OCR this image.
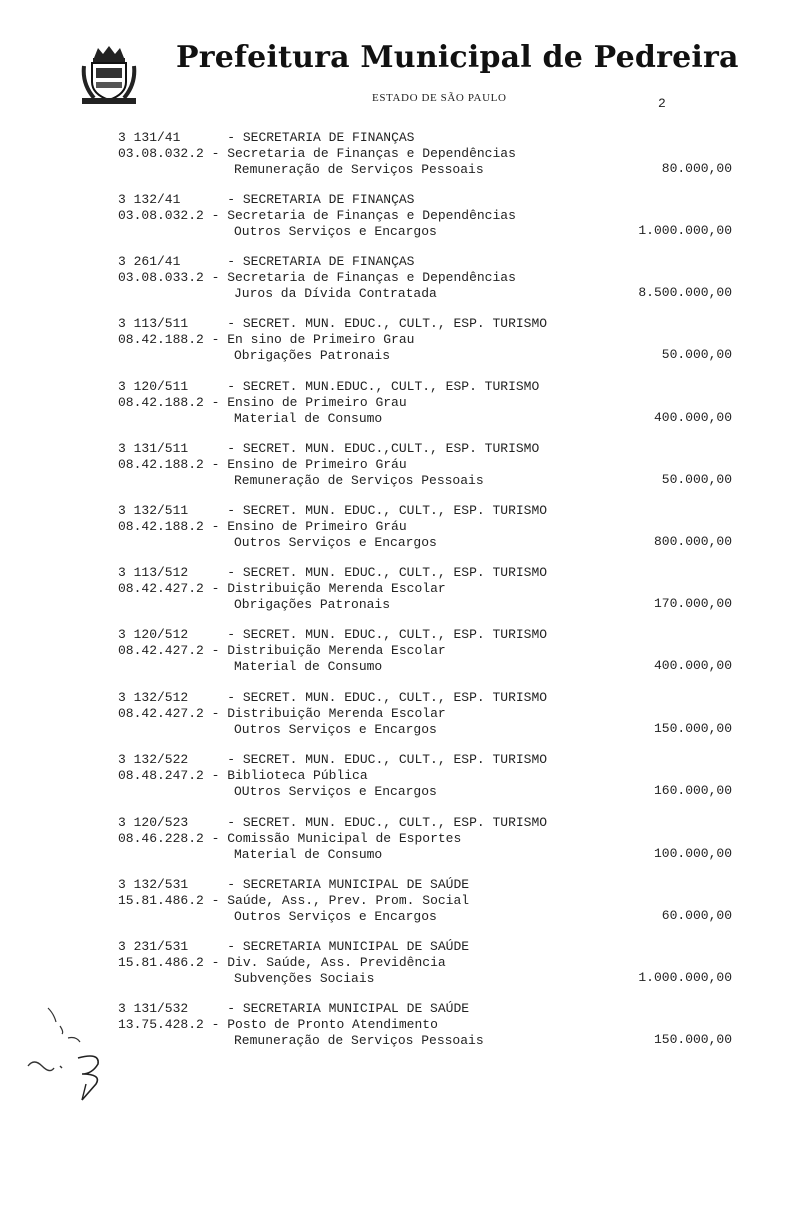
Prefeitura Municipal de Pedreira
ESTADO DE SÃO PAULO	2
3 131/41      - SECRETARIA DE FINANÇAS
03.08.032.2 - Secretaria de Finanças e Dependências
Remuneração de Serviços Pessoais	80.000,00
3 132/41      - SECRETARIA DE FINANÇAS
03.08.032.2 - Secretaria de Finanças e Dependências
Outros Serviços e Encargos	1.000.000,00
3 261/41      - SECRETARIA DE FINANÇAS
03.08.033.2 - Secretaria de Finanças e Dependências
Juros da Dívida Contratada	8.500.000,00
3 113/511     - SECRET. MUN. EDUC., CULT., ESP. TURISMO
08.42.188.2 - En sino de Primeiro Grau
Obrigações Patronais	50.000,00
3 120/511     - SECRET. MUN.EDUC., CULT., ESP. TURISMO
08.42.188.2 - Ensino de Primeiro Grau
Material de Consumo	400.000,00
3 131/511     - SECRET. MUN. EDUC.,CULT., ESP. TURISMO
08.42.188.2 - Ensino de Primeiro Gráu
Remuneração de Serviços Pessoais	50.000,00
3 132/511     - SECRET. MUN. EDUC., CULT., ESP. TURISMO
08.42.188.2 - Ensino de Primeiro Gráu
Outros Serviços e Encargos	800.000,00
3 113/512     - SECRET. MUN. EDUC., CULT., ESP. TURISMO
08.42.427.2 - Distribuição Merenda Escolar
Obrigações Patronais	170.000,00
3 120/512     - SECRET. MUN. EDUC., CULT., ESP. TURISMO
08.42.427.2 - Distribuição Merenda Escolar
Material de Consumo	400.000,00
3 132/512     - SECRET. MUN. EDUC., CULT., ESP. TURISMO
08.42.427.2 - Distribuição Merenda Escolar
Outros Serviços e Encargos	150.000,00
3 132/522     - SECRET. MUN. EDUC., CULT., ESP. TURISMO
08.48.247.2 - Biblioteca Pública
OUtros Serviços e Encargos	160.000,00
3 120/523     - SECRET. MUN. EDUC., CULT., ESP. TURISMO
08.46.228.2 - Comissão Municipal de Esportes
Material de Consumo	100.000,00
3 132/531     - SECRETARIA MUNICIPAL DE SAÚDE
15.81.486.2 - Saúde, Ass., Prev. Prom. Social
Outros Serviços e Encargos	60.000,00
3 231/531     - SECRETARIA MUNICIPAL DE SAÚDE
15.81.486.2 - Div. Saúde, Ass. Previdência
Subvenções Sociais	1.000.000,00
3 131/532     - SECRETARIA MUNICIPAL DE SAÚDE
13.75.428.2 - Posto de Pronto Atendimento
Remuneração de Serviços Pessoais	150.000,00
